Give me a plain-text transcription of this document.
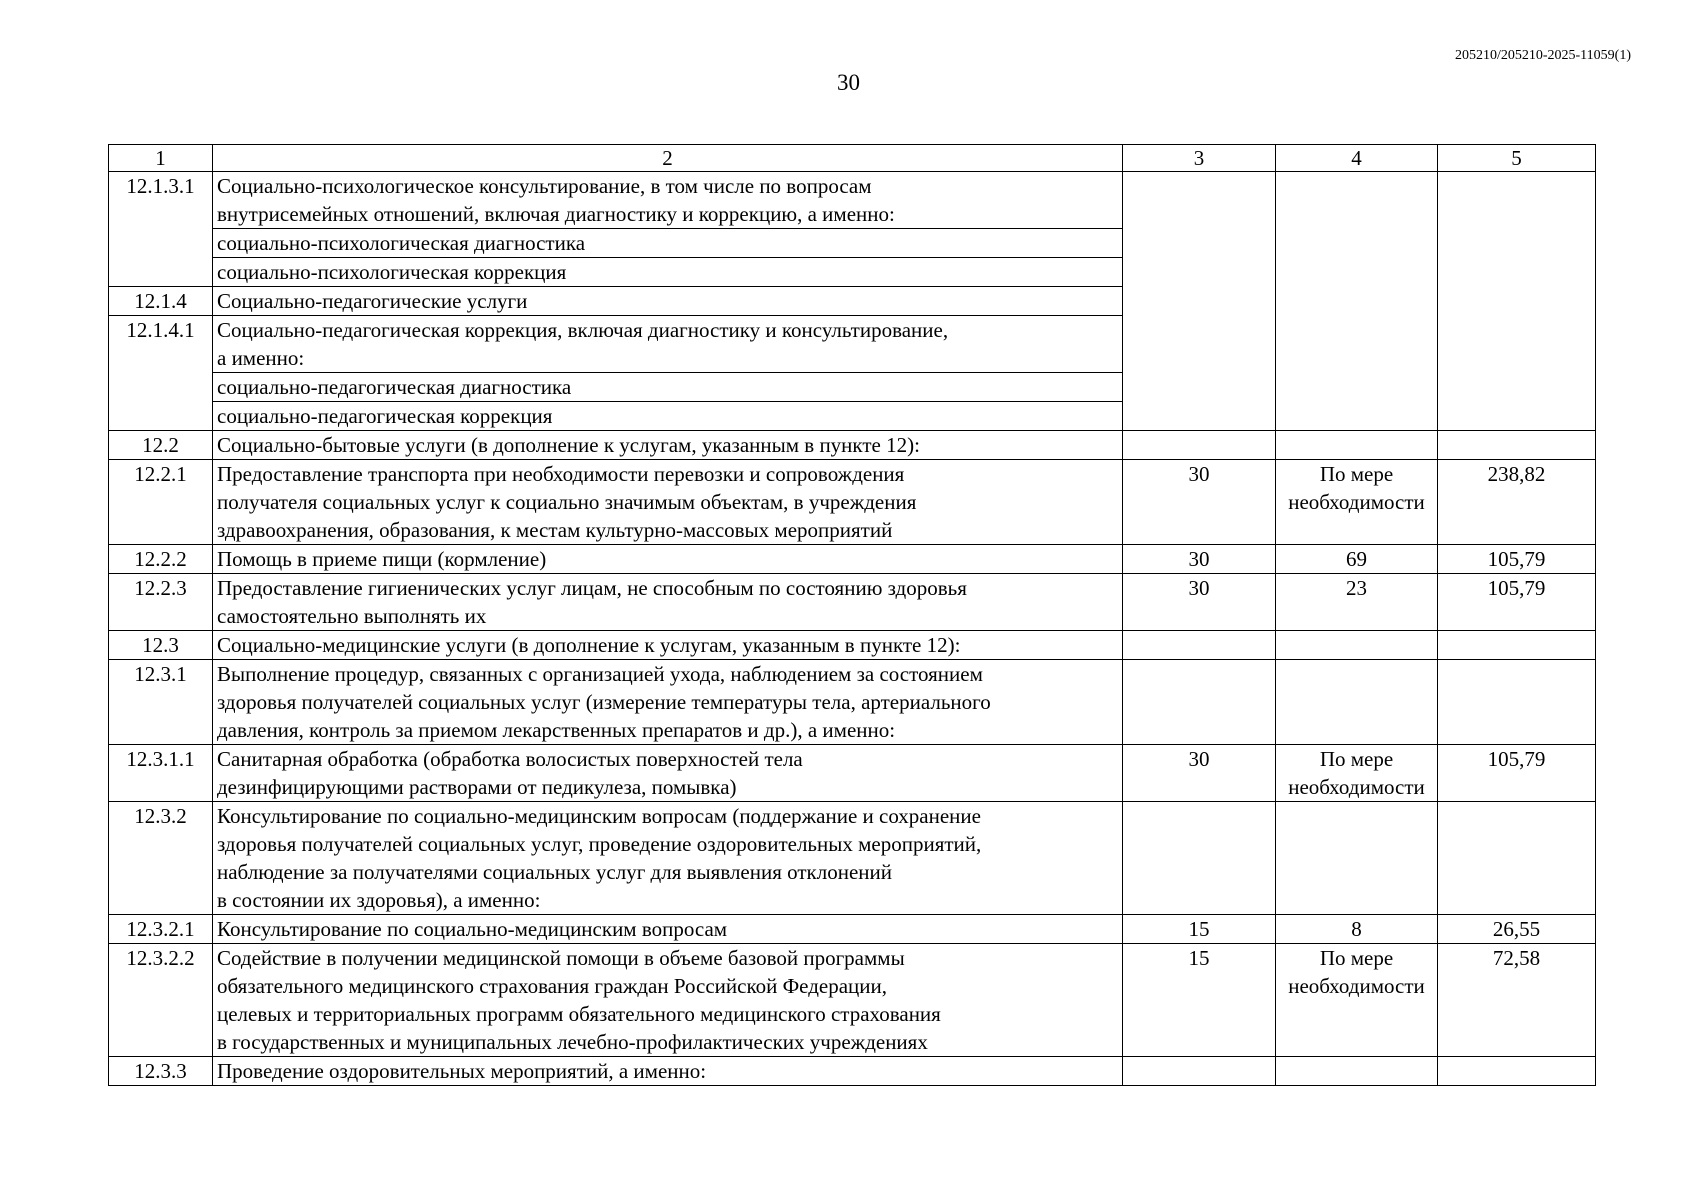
205210/205210-2025-11059(1)
30
1	2	3	4	5
12.1.3.1	Социально-психологическое консультирование, в том числе по вопросам
внутрисемейных отношений, включая диагностику и коррекцию, а именно:			

	социально-психологическая диагностика			

	социально-психологическая коррекция			

12.1.4	Социально-педагогические услуги			

12.1.4.1	Социально-педагогическая коррекция, включая диагностику и консультирование,
а именно:			

	социально-педагогическая диагностика			

	социально-педагогическая коррекция			

12.2	Социально-бытовые услуги (в дополнение к услугам, указанным в пункте 12):			

12.2.1	Предоставление транспорта при необходимости перевозки и сопровождения
получателя социальных услуг к социально значимым объектам, в учреждения
здравоохранения, образования, к местам культурно-массовых мероприятий	30	По мере
необходимости	238,82

12.2.2	Помощь в приеме пищи (кормление)	30	69	105,79

12.2.3	Предоставление гигиенических услуг лицам, не способным по состоянию здоровья
самостоятельно выполнять их	30	23	105,79

12.3	Социально-медицинские услуги (в дополнение к услугам, указанным в пункте 12):			

12.3.1	Выполнение процедур, связанных с организацией ухода, наблюдением за состоянием
здоровья получателей социальных услуг (измерение температуры тела, артериального
давления, контроль за приемом лекарственных препаратов и др.), а именно:			

12.3.1.1	Санитарная обработка (обработка волосистых поверхностей тела
дезинфицирующими растворами от педикулеза, помывка)	30	По мере
необходимости	105,79

12.3.2	Консультирование по социально-медицинским вопросам (поддержание и сохранение
здоровья получателей социальных услуг, проведение оздоровительных мероприятий,
наблюдение за получателями социальных услуг для выявления отклонений
в состоянии их здоровья), а именно:			

12.3.2.1	Консультирование по социально-медицинским вопросам	15	8	26,55

12.3.2.2	Содействие в получении медицинской помощи в объеме базовой программы
обязательного медицинского страхования граждан Российской Федерации,
целевых и территориальных программ обязательного медицинского страхования
в государственных и муниципальных лечебно-профилактических учреждениях	15	По мере
необходимости	72,58

12.3.3	Проведение оздоровительных мероприятий, а именно:			
